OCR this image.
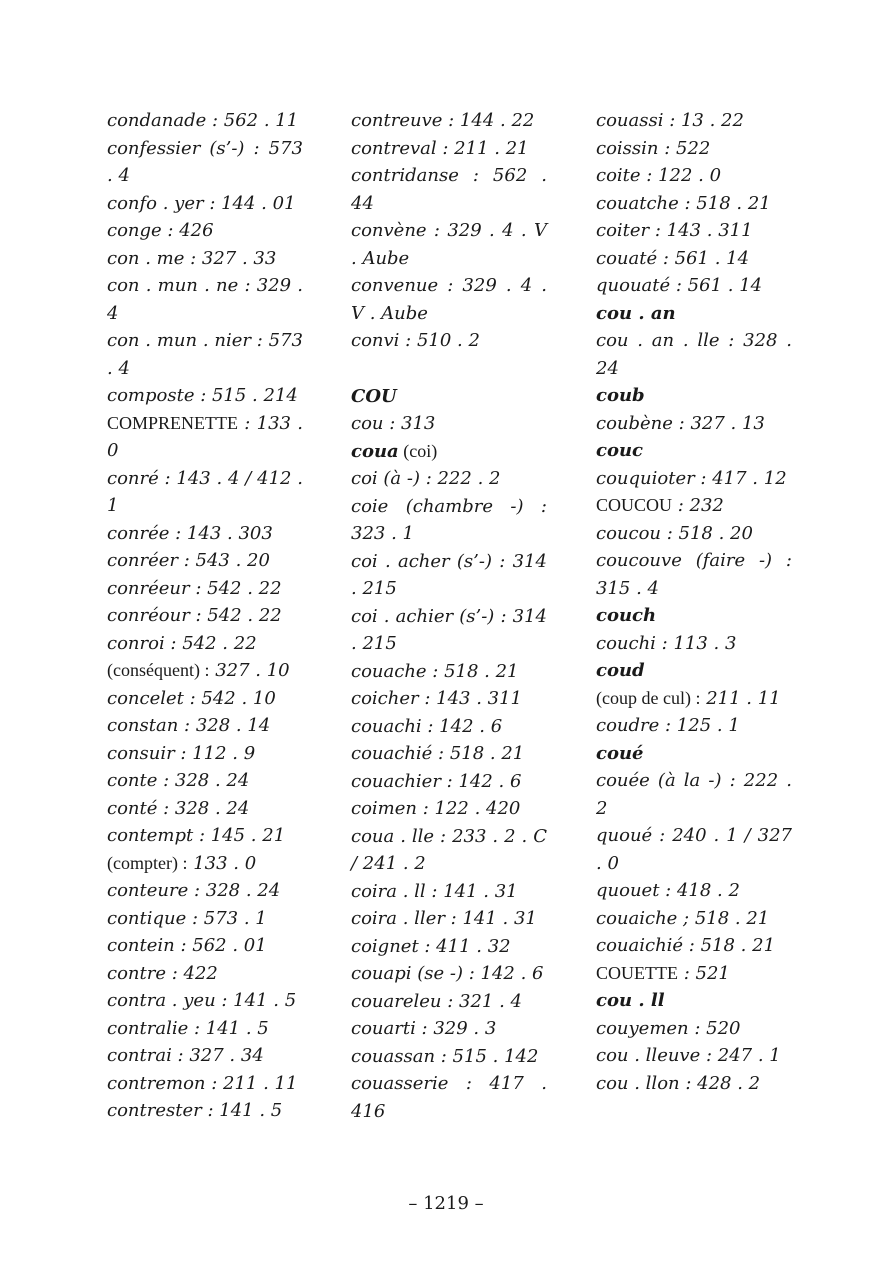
condanade : 562 . 11

confessier (s’-) : 573 . 4

confo . yer : 144 . 01

conge : 426

con . me : 327 . 33

con . mun . ne : 329 . 4

con . mun . nier : 573 . 4

composte : 515 . 214

COMPRENETTE : 133 . 0

conré : 143 . 4 / 412 . 1

conrée : 143 . 303

conréer : 543 . 20

conréeur : 542 . 22

conréour : 542 . 22

conroi : 542 . 22

(conséquent) : 327 . 10

concelet : 542 . 10

constan : 328 . 14

consuir : 112 . 9

conte : 328 . 24

conté : 328 . 24

contempt : 145 . 21

(compter) : 133 . 0

conteure : 328 . 24

contique : 573 . 1

contein : 562 . 01

contre : 422

contra . yeu : 141 . 5

contralie : 141 . 5

contrai : 327 . 34

contremon : 211 . 11

contrester : 141 . 5

contreuve : 144 . 22

contreval : 211 . 21

contridanse : 562 . 44

convène : 329 . 4 . V . Aube

convenue : 329 . 4 . V . Aube

convi : 510 . 2

COU

cou : 313

coua (coi)

coi (à -) : 222 . 2

coie (chambre -) : 323 . 1

coi . acher (s’-) : 314 . 215

coi . achier (s’-) : 314 . 215

couache : 518 . 21

coicher : 143 . 311

couachi : 142 . 6

couachié : 518 . 21

couachier : 142 . 6

coimen : 122 . 420

coua . lle : 233 . 2 . C / 241 . 2

coira . ll : 141 . 31

coira . ller : 141 . 31

coignet : 411 . 32

couapi (se -) : 142 . 6

couareleu : 321 . 4

couarti : 329 . 3

couassan : 515 . 142

couasserie : 417 . 416

couassi : 13 . 22

coissin : 522

coite : 122 . 0

couatche : 518 . 21

coiter : 143 . 311

couaté : 561 . 14

quouaté : 561 . 14

cou . an

cou . an . lle : 328 . 24

coub

coubène : 327 . 13

couc

couquioter : 417 . 12

COUCOU : 232

coucou : 518 . 20

coucouve (faire -) : 315 . 4

couch

couchi : 113 . 3

coud

(coup de cul) : 211 . 11

coudre : 125 . 1

coué

couée (à la -) : 222 . 2

quoué : 240 . 1 / 327 . 0

quouet : 418 . 2

couaiche ; 518 . 21

couaichié : 518 . 21

COUETTE : 521

cou . ll

couyemen : 520

cou . lleuve : 247 . 1

cou . llon : 428 . 2

– 1219 –
